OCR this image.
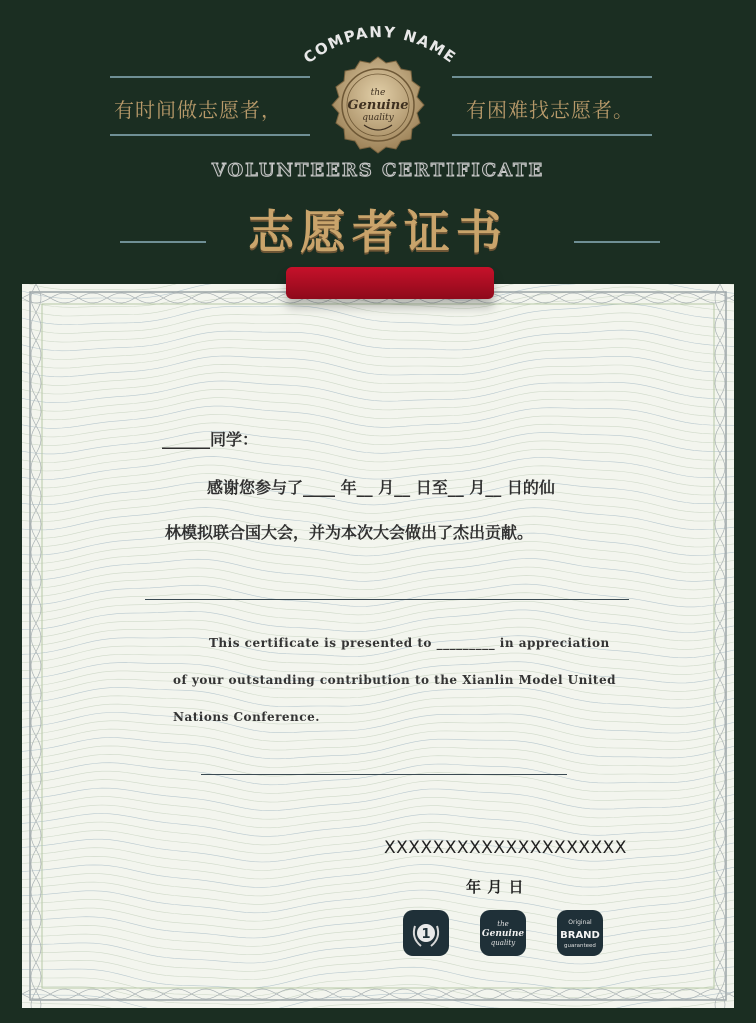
COMPANY NAME
有时间做志愿者，	有困难找志愿者。
the
Genuine
quality
VOLUNTEERS CERTIFICATE
志愿者证书
______同学：
感谢您参与了____ 年__ 月__ 日至__ 月__ 日的仙
林模拟联合国大会，并为本次大会做出了杰出贡献。
This certificate is presented to _________ in appreciation
of your outstanding contribution to the Xianlin Model United
Nations Conference.
XXXXXXXXXXXXXXXXXXXX
年 月 日
1
the
Genuine
quality
Original
BRAND
guaranteed
